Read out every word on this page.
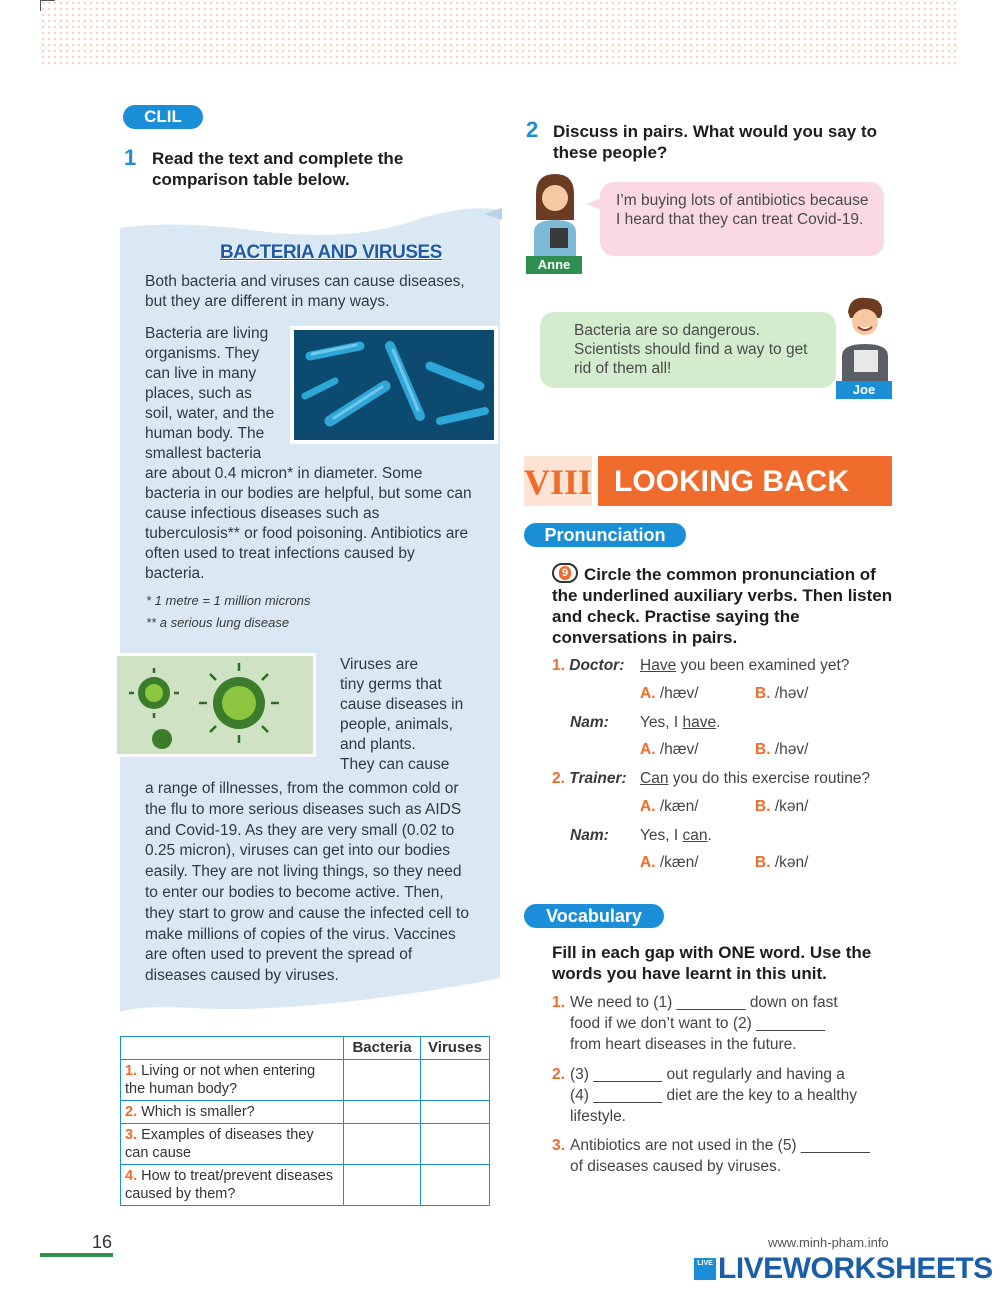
CLIL
1 Read the text and complete the comparison table below.
BACTERIA AND VIRUSES
Both bacteria and viruses can cause diseases, but they are different in many ways.
Bacteria are living
organisms. They
can live in many
places, such as
soil, water, and the
human body. The
smallest bacteria
are about 0.4 micron* in diameter. Some bacteria in our bodies are helpful, but some can cause infectious diseases such as tuberculosis** or food poisoning. Antibiotics are often used to treat infections caused by bacteria.
* 1 metre = 1 million microns
** a serious lung disease
Viruses are
tiny germs that
cause diseases in
people, animals,
and plants.
They can cause
a range of illnesses, from the common cold or the flu to more serious diseases such as AIDS and Covid-19. As they are very small (0.02 to 0.25 micron), viruses can get into our bodies easily. They are not living things, so they need to enter our bodies to become active. Then, they start to grow and cause the infected cell to make millions of copies of the virus. Vaccines are often used to prevent the spread of diseases caused by viruses.
	Bacteria	Viruses
1. Living or not when entering the human body?		
2. Which is smaller?		
3. Examples of diseases they can cause		
4. How to treat/prevent diseases caused by them?		
16
2 Discuss in pairs. What would you say to these people?
Anne
I’m buying lots of antibiotics because I heard that they can treat Covid-19.
Joe
Bacteria are so dangerous. Scientists should find a way to get rid of them all!
VIII LOOKING BACK
Pronunciation
9 Circle the common pronunciation of the underlined auxiliary verbs. Then listen and check. Practise saying the conversations in pairs.
1. Doctor: Have you been examined yet?
A. /hæv/	B. /həv/
Nam: Yes, I have.
A. /hæv/	B. /həv/
2. Trainer: Can you do this exercise routine?
A. /kæn/	B. /kən/
Nam: Yes, I can.
A. /kæn/	B. /kən/
Vocabulary
Fill in each gap with ONE word. Use the words you have learnt in this unit.
1. We need to (1) ________ down on fast
food if we don’t want to (2) ________
from heart diseases in the future.
2. (3) ________ out regularly and having a
(4) ________ diet are the key to a healthy
lifestyle.
3. Antibiotics are not used in the (5) ________
of diseases caused by viruses.
www.minh-pham.info
LIVE LIVEWORKSHEETS
